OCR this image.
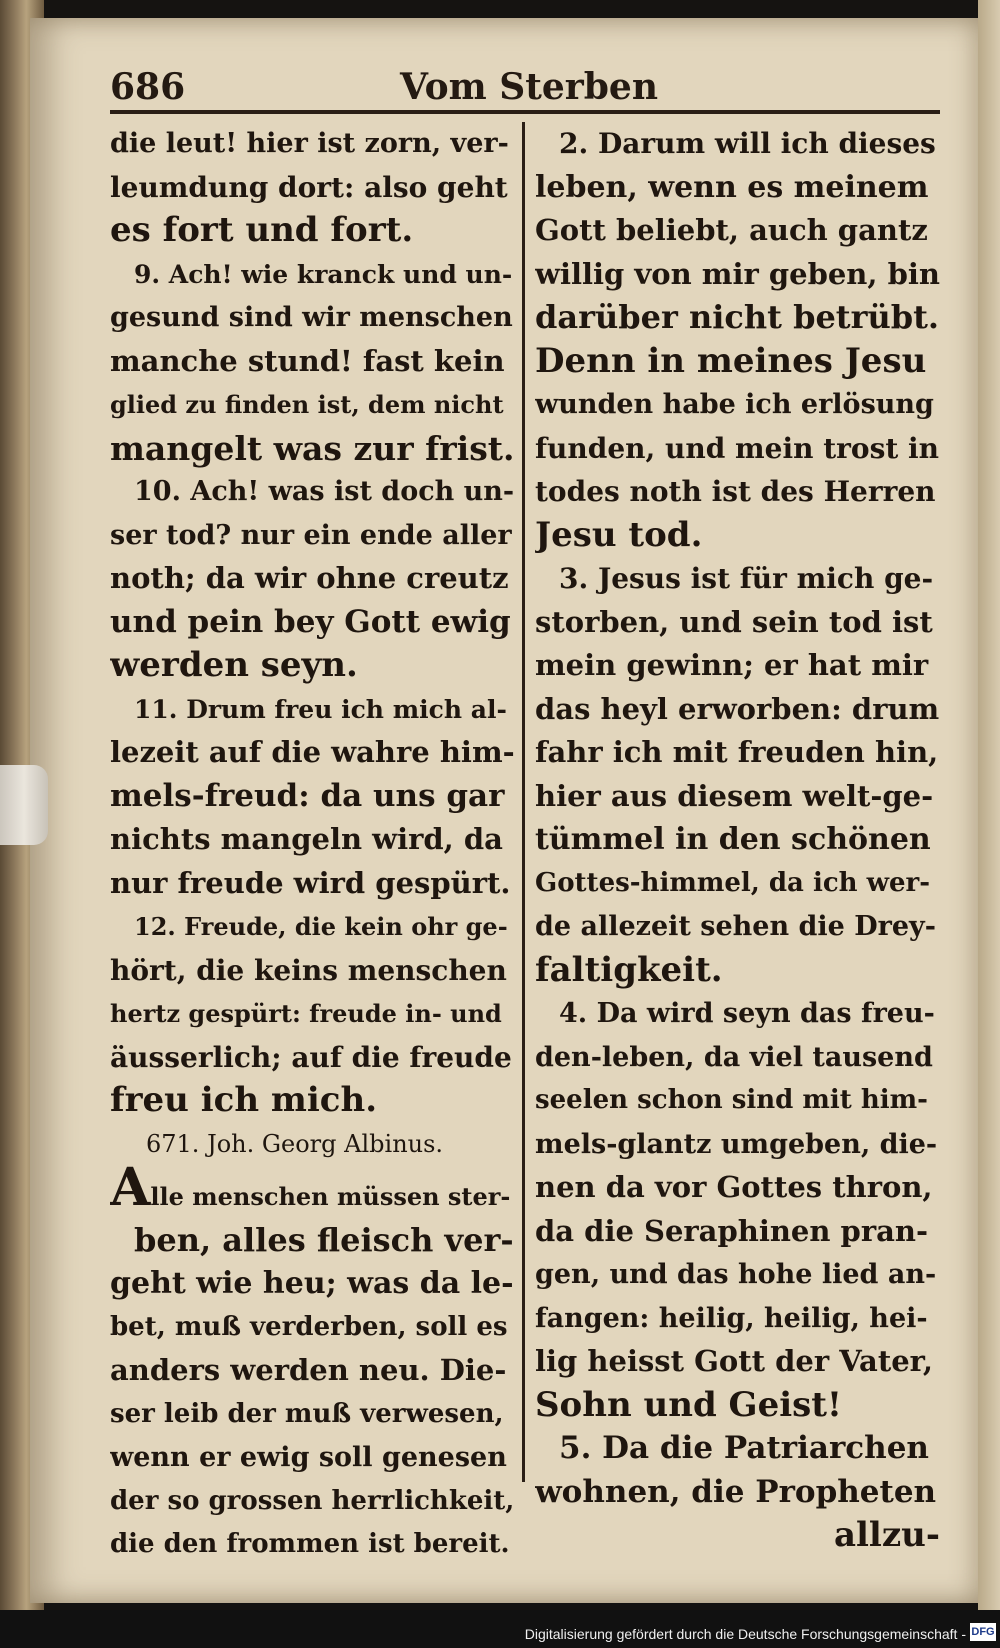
686	Vom Sterben
die leut! hier ist zorn, ver-
leumdung dort: also geht
es fort und fort.
9. Ach! wie kranck und un-
gesund sind wir menschen
manche stund! fast kein
glied zu finden ist, dem nicht
mangelt was zur frist.
10. Ach! was ist doch un-
ser tod? nur ein ende aller
noth; da wir ohne creutz
und pein bey Gott ewig
werden seyn.
11. Drum freu ich mich al-
lezeit auf die wahre him-
mels-freud: da uns gar
nichts mangeln wird, da
nur freude wird gespürt.
12. Freude, die kein ohr ge-
hört, die keins menschen
hertz gespürt: freude in- und
äusserlich; auf die freude
freu ich mich.
671. Joh. Georg Albinus.
Alle menschen müssen ster-
ben, alles fleisch ver-
geht wie heu; was da le-
bet, muß verderben, soll es
anders werden neu. Die-
ser leib der muß verwesen,
wenn er ewig soll genesen
der so grossen herrlichkeit,
die den frommen ist bereit.
2. Darum will ich dieses
leben, wenn es meinem
Gott beliebt, auch gantz
willig von mir geben, bin
darüber nicht betrübt.
Denn in meines Jesu
wunden habe ich erlösung
funden, und mein trost in
todes noth ist des Herren
Jesu tod.
3. Jesus ist für mich ge-
storben, und sein tod ist
mein gewinn; er hat mir
das heyl erworben: drum
fahr ich mit freuden hin,
hier aus diesem welt-ge-
tümmel in den schönen
Gottes-himmel, da ich wer-
de allezeit sehen die Drey-
faltigkeit.
4. Da wird seyn das freu-
den-leben, da viel tausend
seelen schon sind mit him-
mels-glantz umgeben, die-
nen da vor Gottes thron,
da die Seraphinen pran-
gen, und das hohe lied an-
fangen: heilig, heilig, hei-
lig heisst Gott der Vater,
Sohn und Geist!
5. Da die Patriarchen
wohnen, die Propheten
allzu-
Digitalisierung gefördert durch die Deutsche Forschungsgemeinschaft - DFG
